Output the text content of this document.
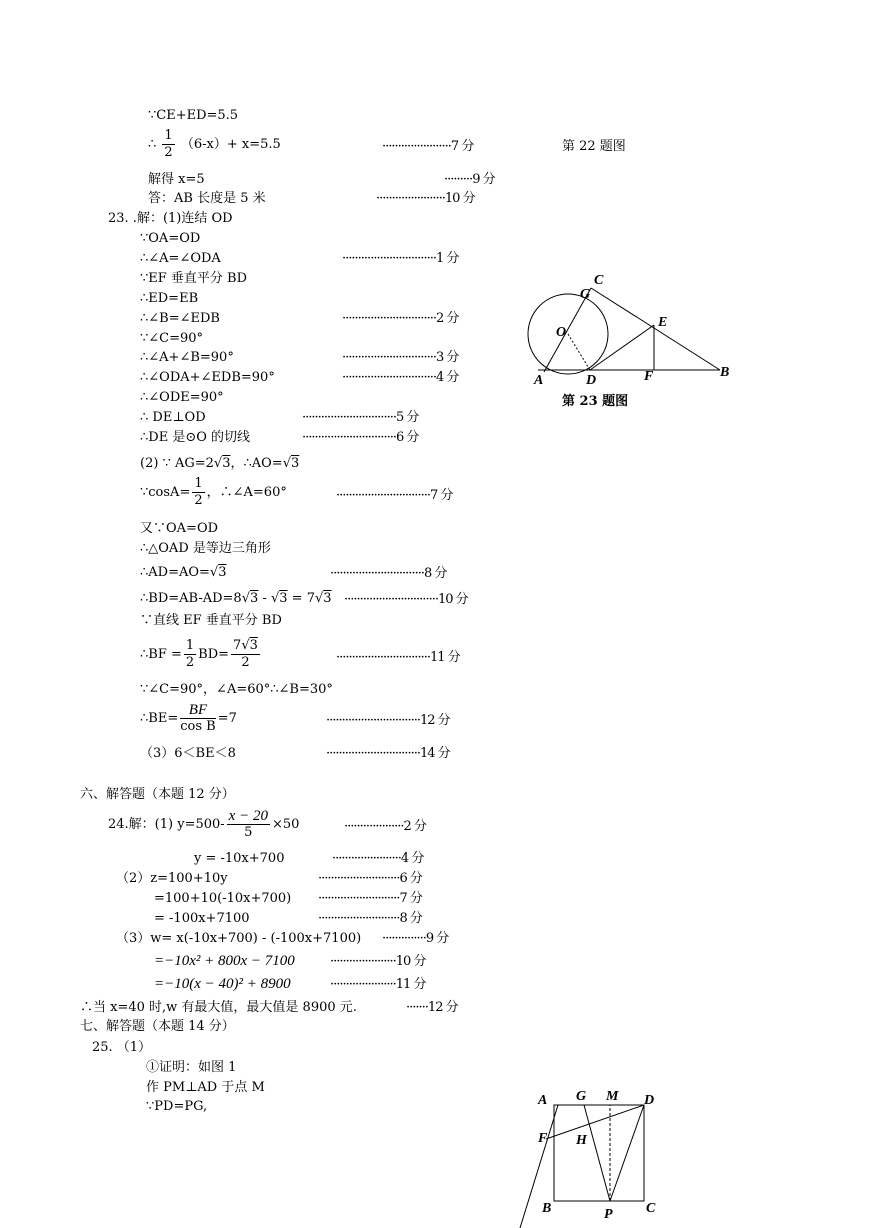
∵CE+ED=5.5
∴ $\frac{1}{2} (6-x)+ x=5.5$	······················7 分	第 22 题图
解得 x=5	·········9 分
答：AB 长度是 5 米	······················10 分
23. .解：(1)连结 OD
∵OA=OD
∴∠A=∠ODA	······························1 分
∵EF 垂直平分 BD
∴ED=EB
∴∠B=∠EDB	······························2 分
∵∠C=90°
∴∠A+∠B=90°	······························3 分
∴∠ODA+∠EDB=90°	······························4 分
∴∠ODE=90°
∴ DE⊥OD	······························5 分
∴DE 是⊙O 的切线	······························6 分
C
G
O
E
A	D	F	B
第 23 题图
(2) ∵ AG=2√3，∴AO=√3
∵cosA= $\frac{1}{2}$ ，∴∠A=60°	······························7 分
又∵OA=OD
∴△OAD 是等边三角形
∴AD=AO=√3	······························8 分
∴BD=AB-AD=8√3 - √3 = 7√3 ······························10 分
∵直线 EF 垂直平分 BD
∴BF = $\frac{1}{2} BD= \frac{7√3}{2}$	······························11 分
∵∠C=90°，∠A=60°∴∠B=30°
∴BE= $\frac{BF}{\text{cos B}} =7$	······························12 分
（3）6＜BE＜8	······························14 分
六、解答题（本题 12 分）
24.解：(1) $y=500- \frac{x - 20}{5} \times 50$	···················2 分
y = -10x+700	······················4 分
（2）z=100+10y	··························6 分
=100+10(-10x+700) ··························7 分
= -100x+7100	··························8 分
（3）w= x(-10x+700) - (-100x+7100) ··············9 分
=−10x² + 800x − 7100	·····················10 分
=−10(x − 40)² + 8900	·····················11 分
∴当 x=40 时,w 有最大值，最大值是 8900 元.	·······12 分
七、解答题（本题 14 分）
25. （1）
①证明：如图 1
作 PM⊥AD 于点 M
∵PD=PG,	A G M D
F H
B	P C
